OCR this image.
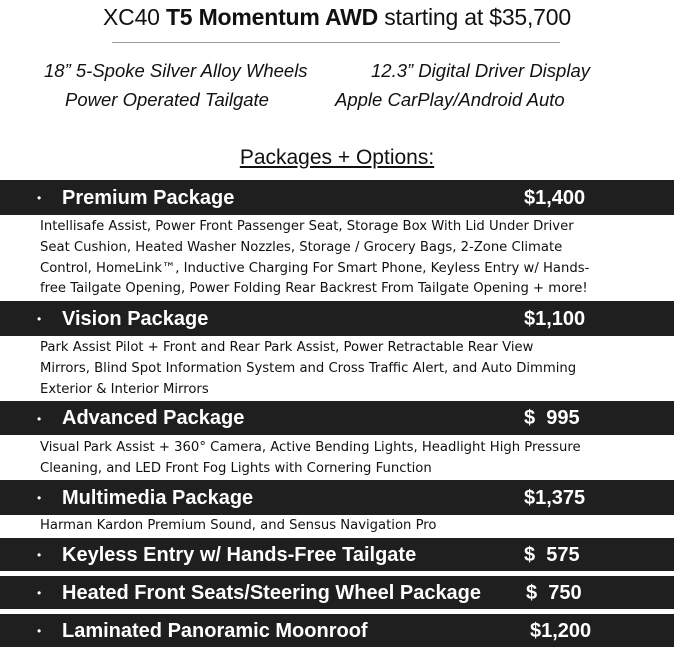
XC40 T5 Momentum AWD starting at $35,700
18” 5-Spoke Silver Alloy Wheels	12.3” Digital Driver Display
Power Operated Tailgate	Apple CarPlay/Android Auto
Packages + Options:
• Premium Package	$1,400
Intellisafe Assist, Power Front Passenger Seat, Storage Box With Lid Under Driver
Seat Cushion, Heated Washer Nozzles, Storage / Grocery Bags, 2-Zone Climate
Control, HomeLink™, Inductive Charging For Smart Phone, Keyless Entry w/ Hands-
free Tailgate Opening, Power Folding Rear Backrest From Tailgate Opening + more!
• Vision Package	$1,100
Park Assist Pilot + Front and Rear Park Assist, Power Retractable Rear View
Mirrors, Blind Spot Information System and Cross Traffic Alert, and Auto Dimming
Exterior & Interior Mirrors
• Advanced Package	$  995
Visual Park Assist + 360° Camera, Active Bending Lights, Headlight High Pressure
Cleaning, and LED Front Fog Lights with Cornering Function
• Multimedia Package	$1,375
Harman Kardon Premium Sound, and Sensus Navigation Pro
• Keyless Entry w/ Hands-Free Tailgate	$  575
• Heated Front Seats/Steering Wheel Package $  750
• Laminated Panoramic Moonroof	$1,200
